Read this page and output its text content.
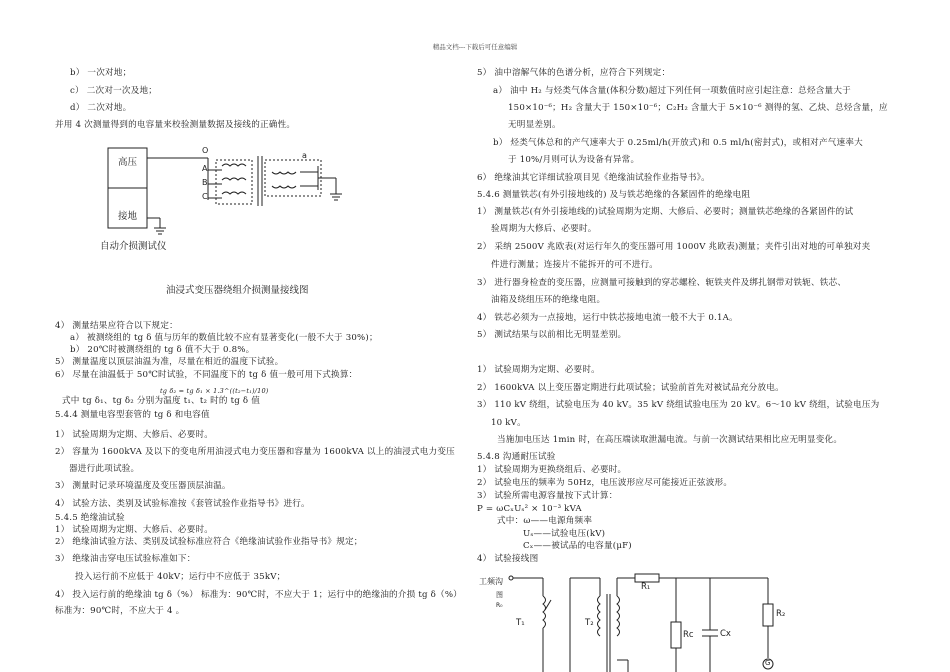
精品文档---下载后可任意编辑
b） 一次对地；
c） 二次对一次及地；
d） 二次对地。
并用 4 次测量得到的电容量来校验测量数据及接线的正确性。
4） 测量结果应符合以下规定：
a） 被测绕组的 tg δ 值与历年的数值比较不应有显著变化(一般不大于 30%)；
b） 20℃时被测绕组的 tg δ 值不大于 0.8%。
5） 测量温度以顶层油温为准，尽量在相近的温度下试验。
6） 尽量在油温低于 50℃时试验，不同温度下的 tg δ 值一般可用下式换算：
tg δ₂ = tg δ₁ × 1.3^((t₂−t₁)/10)
式中 tg δ₁、tg δ₂ 分别为温度 t₁、t₂ 时的 tg δ 值
5.4.4 测量电容型套管的 tg δ 和电容值
1） 试验周期为定期、大修后、必要时。
2） 容量为 1600kVA 及以下的变电所用油浸式电力变压器和容量为 1600kVA 以上的油浸式电力变压
器进行此项试验。
3） 测量时记录环境温度及变压器顶层油温。
4） 试验方法、类别及试验标准按《套管试验作业指导书》进行。
5.4.5 绝缘油试验
1） 试验周期为定期、大修后、必要时。
2） 绝缘油试验方法、类别及试验标准应符合《绝缘油试验作业指导书》规定；
3） 绝缘油击穿电压试验标准如下：
投入运行前不应低于 40kV；运行中不应低于 35kV；
4） 投入运行前的绝缘油 tg δ（%） 标准为：90℃时，不应大于 1；运行中的绝缘油的介损 tg δ（%）
标准为：90℃时，不应大于 4 。
高压
接地
自动介损测试仪
O
A
B
C
a
油浸式变压器绕组介损测量接线图
5） 油中溶解气体的色谱分析，应符合下列规定：
a） 油中 H₂ 与烃类气体含量(体积分数)超过下列任何一项数值时应引起注意：总烃含量大于
150×10⁻⁶；H₂ 含量大于 150×10⁻⁶；C₂H₂ 含量大于 5×10⁻⁶ 测得的氢、乙炔、总烃含量，应
无明显差别。
b） 烃类气体总和的产气速率大于 0.25ml/h(开放式)和 0.5 ml/h(密封式)，或相对产气速率大
于 10%/月则可认为设备有异常。
6） 绝缘油其它详细试验项目见《绝缘油试验作业指导书》。
5.4.6 测量铁芯(有外引接地线的) 及与铁芯绝缘的各紧固件的绝缘电阻
1） 测量铁芯(有外引接地线的)试验周期为定期、大修后、必要时；测量铁芯绝缘的各紧固件的试
验周期为大修后、必要时。
2） 采纳 2500V 兆欧表(对运行年久的变压器可用 1000V 兆欧表)测量；夹件引出对地的可单独对夹
件进行测量；连接片不能拆开的可不进行。
3） 进行器身检查的变压器，应测量可接触到的穿芯螺栓、轭铁夹件及绑扎钢带对铁轭、铁芯、
油箱及绕组压环的绝缘电阻。
4） 铁芯必须为一点接地，运行中铁芯接地电流一般不大于 0.1A。
5） 测试结果与以前相比无明显差别。
1） 试验周期为定期、必要时。
2） 1600kVA 以上变压器定期进行此项试验；试验前首先对被试品充分放电。
3） 110 kV 绕组，试验电压为 40 kV。35 kV 绕组试验电压为 20 kV。6～10 kV 绕组，试验电压为
10 kV。
当施加电压达 1min 时，在高压端读取泄漏电流。与前一次测试结果相比应无明显变化。
5.4.8 沟通耐压试验
1） 试验周期为更换绕组后、必要时。
2） 试验电压的频率为 50Hz，电压波形应尽可能接近正弦波形。
3） 试验所需电源容量按下式计算：
P = ωCₓUₛ² × 10⁻³ kVA
式中：ω——电源角频率
Uₛ——试验电压(kV)
Cₓ——被试品的电容量(μF)
4） 试验接线图
工频沟
图
R₀
T₁	T₂
R₁
Rc	Cx
R₂
G
